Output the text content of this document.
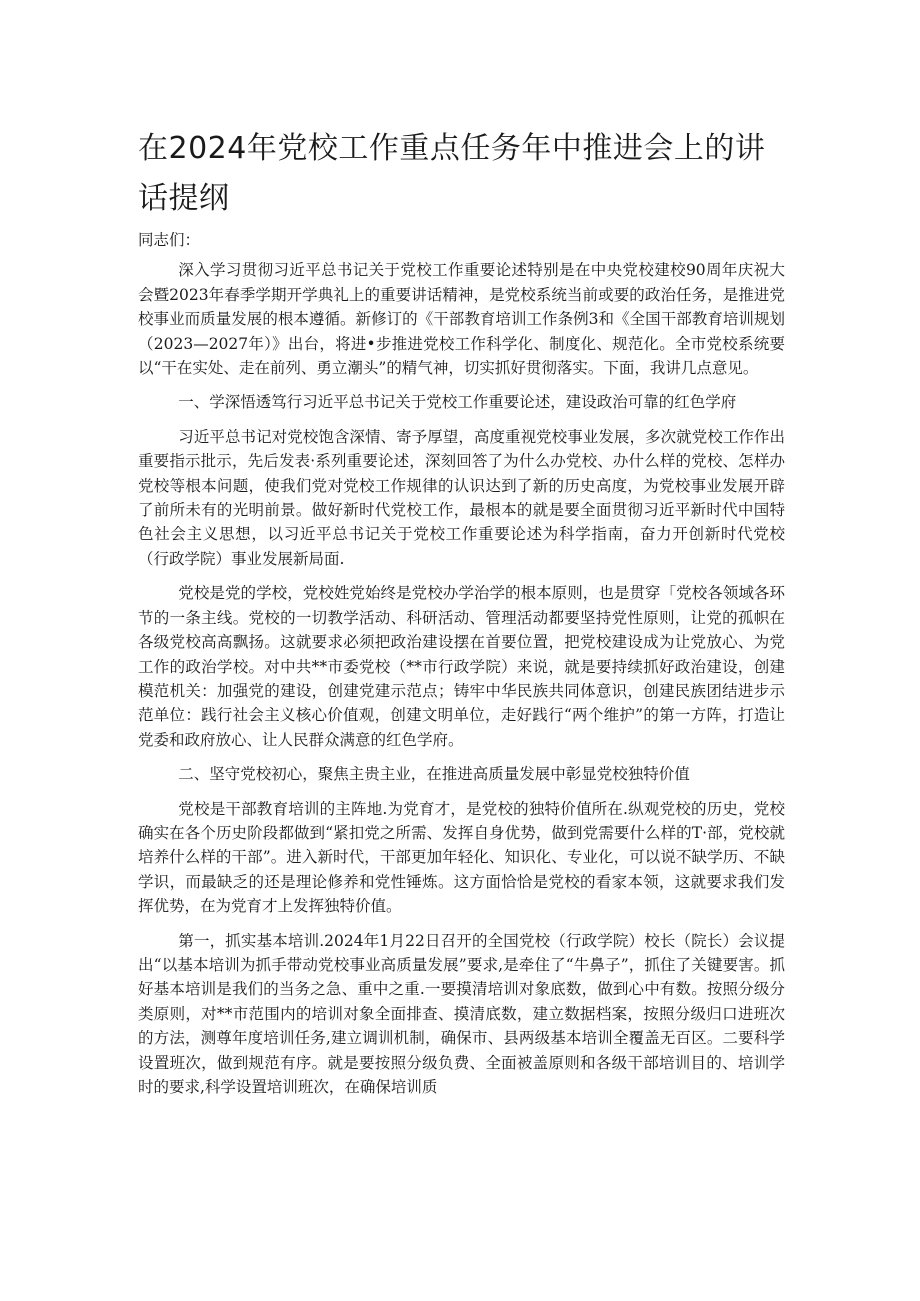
在2024年党校工作重点任务年中推进会上的讲话提纲

同志们：

深入学习贯彻习近平总书记关于党校工作重要论述特别是在中央党校建校90周年庆祝大会暨2023年春季学期开学典礼上的重要讲话精神，是党校系统当前或要的政治任务，是推进党校事业而质量发展的根本遵循。新修订的《干部教育培训工作条例3和《全国干部教育培训规划（2023—2027年）》出台，将进•步推进党校工作科学化、制度化、规范化。全市党校系统要以“干在实处、走在前列、勇立潮头”的精气神，切实抓好贯彻落实。下面，我讲几点意见。

一、学深悟透笃行习近平总书记关于党校工作重要论述，建设政治可靠的红色学府

习近平总书记对党校饱含深情、寄予厚望，高度重视党校事业发展，多次就党校工作作出重要指示批示，先后发表·系列重要论述，深刻回答了为什么办党校、办什么样的党校、怎样办党校等根本问题，使我们党对党校工作规律的认识达到了新的历史高度，为党校事业发展开辟了前所未有的光明前景。做好新时代党校工作，最根本的就是要全面贯彻习近平新时代中国特色社会主义思想，以习近平总书记关于党校工作重要论述为科学指南，奋力开创新时代党校（行政学院）事业发展新局面.

党校是党的学校，党校姓党始终是党校办学治学的根本原则，也是贯穿「党校各领域各环节的一条主线。党校的一切教学活动、科研活动、管理活动都要坚持党性原则，让党的孤帜在各级党校高高飘扬。这就要求必须把政治建设摆在首要位置，把党校建设成为让党放心、为党工作的政治学校。对中共**市委党校（**市行政学院）来说，就是要持续抓好政治建设，创建模范机关：加强党的建设，创建党建示范点；铸牢中华民族共同体意识，创建民族团结进步示范单位：践行社会主义核心价值观，创建文明单位，走好践行“两个维护”的第一方阵，打造让党委和政府放心、让人民群众满意的红色学府。

二、坚守党校初心，聚焦主贵主业，在推进高质量发展中彰显党校独特价值

党校是干部教育培训的主阵地.为党育才，是党校的独特价值所在.纵观党校的历史，党校确实在各个历史阶段都做到“紧扣党之所需、发挥自身优势，做到党需要什么样的T·部，党校就培养什么样的干部”。进入新时代，干部更加年轻化、知识化、专业化，可以说不缺学历、不缺学识，而最缺乏的还是理论修养和党性锤炼。这方面恰恰是党校的看家本领，这就要求我们发挥优势，在为党育才上发挥独特价值。

第一，抓实基本培训.2024年1月22日召开的全国党校（行政学院）校长（院长）会议提出“以基本培训为抓手带动党校事业高质量发展”要求,是牵住了“牛鼻子”，抓住了关键要害。抓好基本培训是我们的当务之急、重中之重.一要摸清培训对象底数，做到心中有数。按照分级分类原则，对**市范围内的培训对象全面排查、摸清底数，建立数据档案，按照分级归口进班次的方法，测尊年度培训任务,建立调训机制，确保市、县两级基本培训全覆盖无百区。二要科学设置班次，做到规范有序。就是要按照分级负费、全面被盖原则和各级干部培训目的、培训学时的要求,科学设置培训班次，在确保培训质
